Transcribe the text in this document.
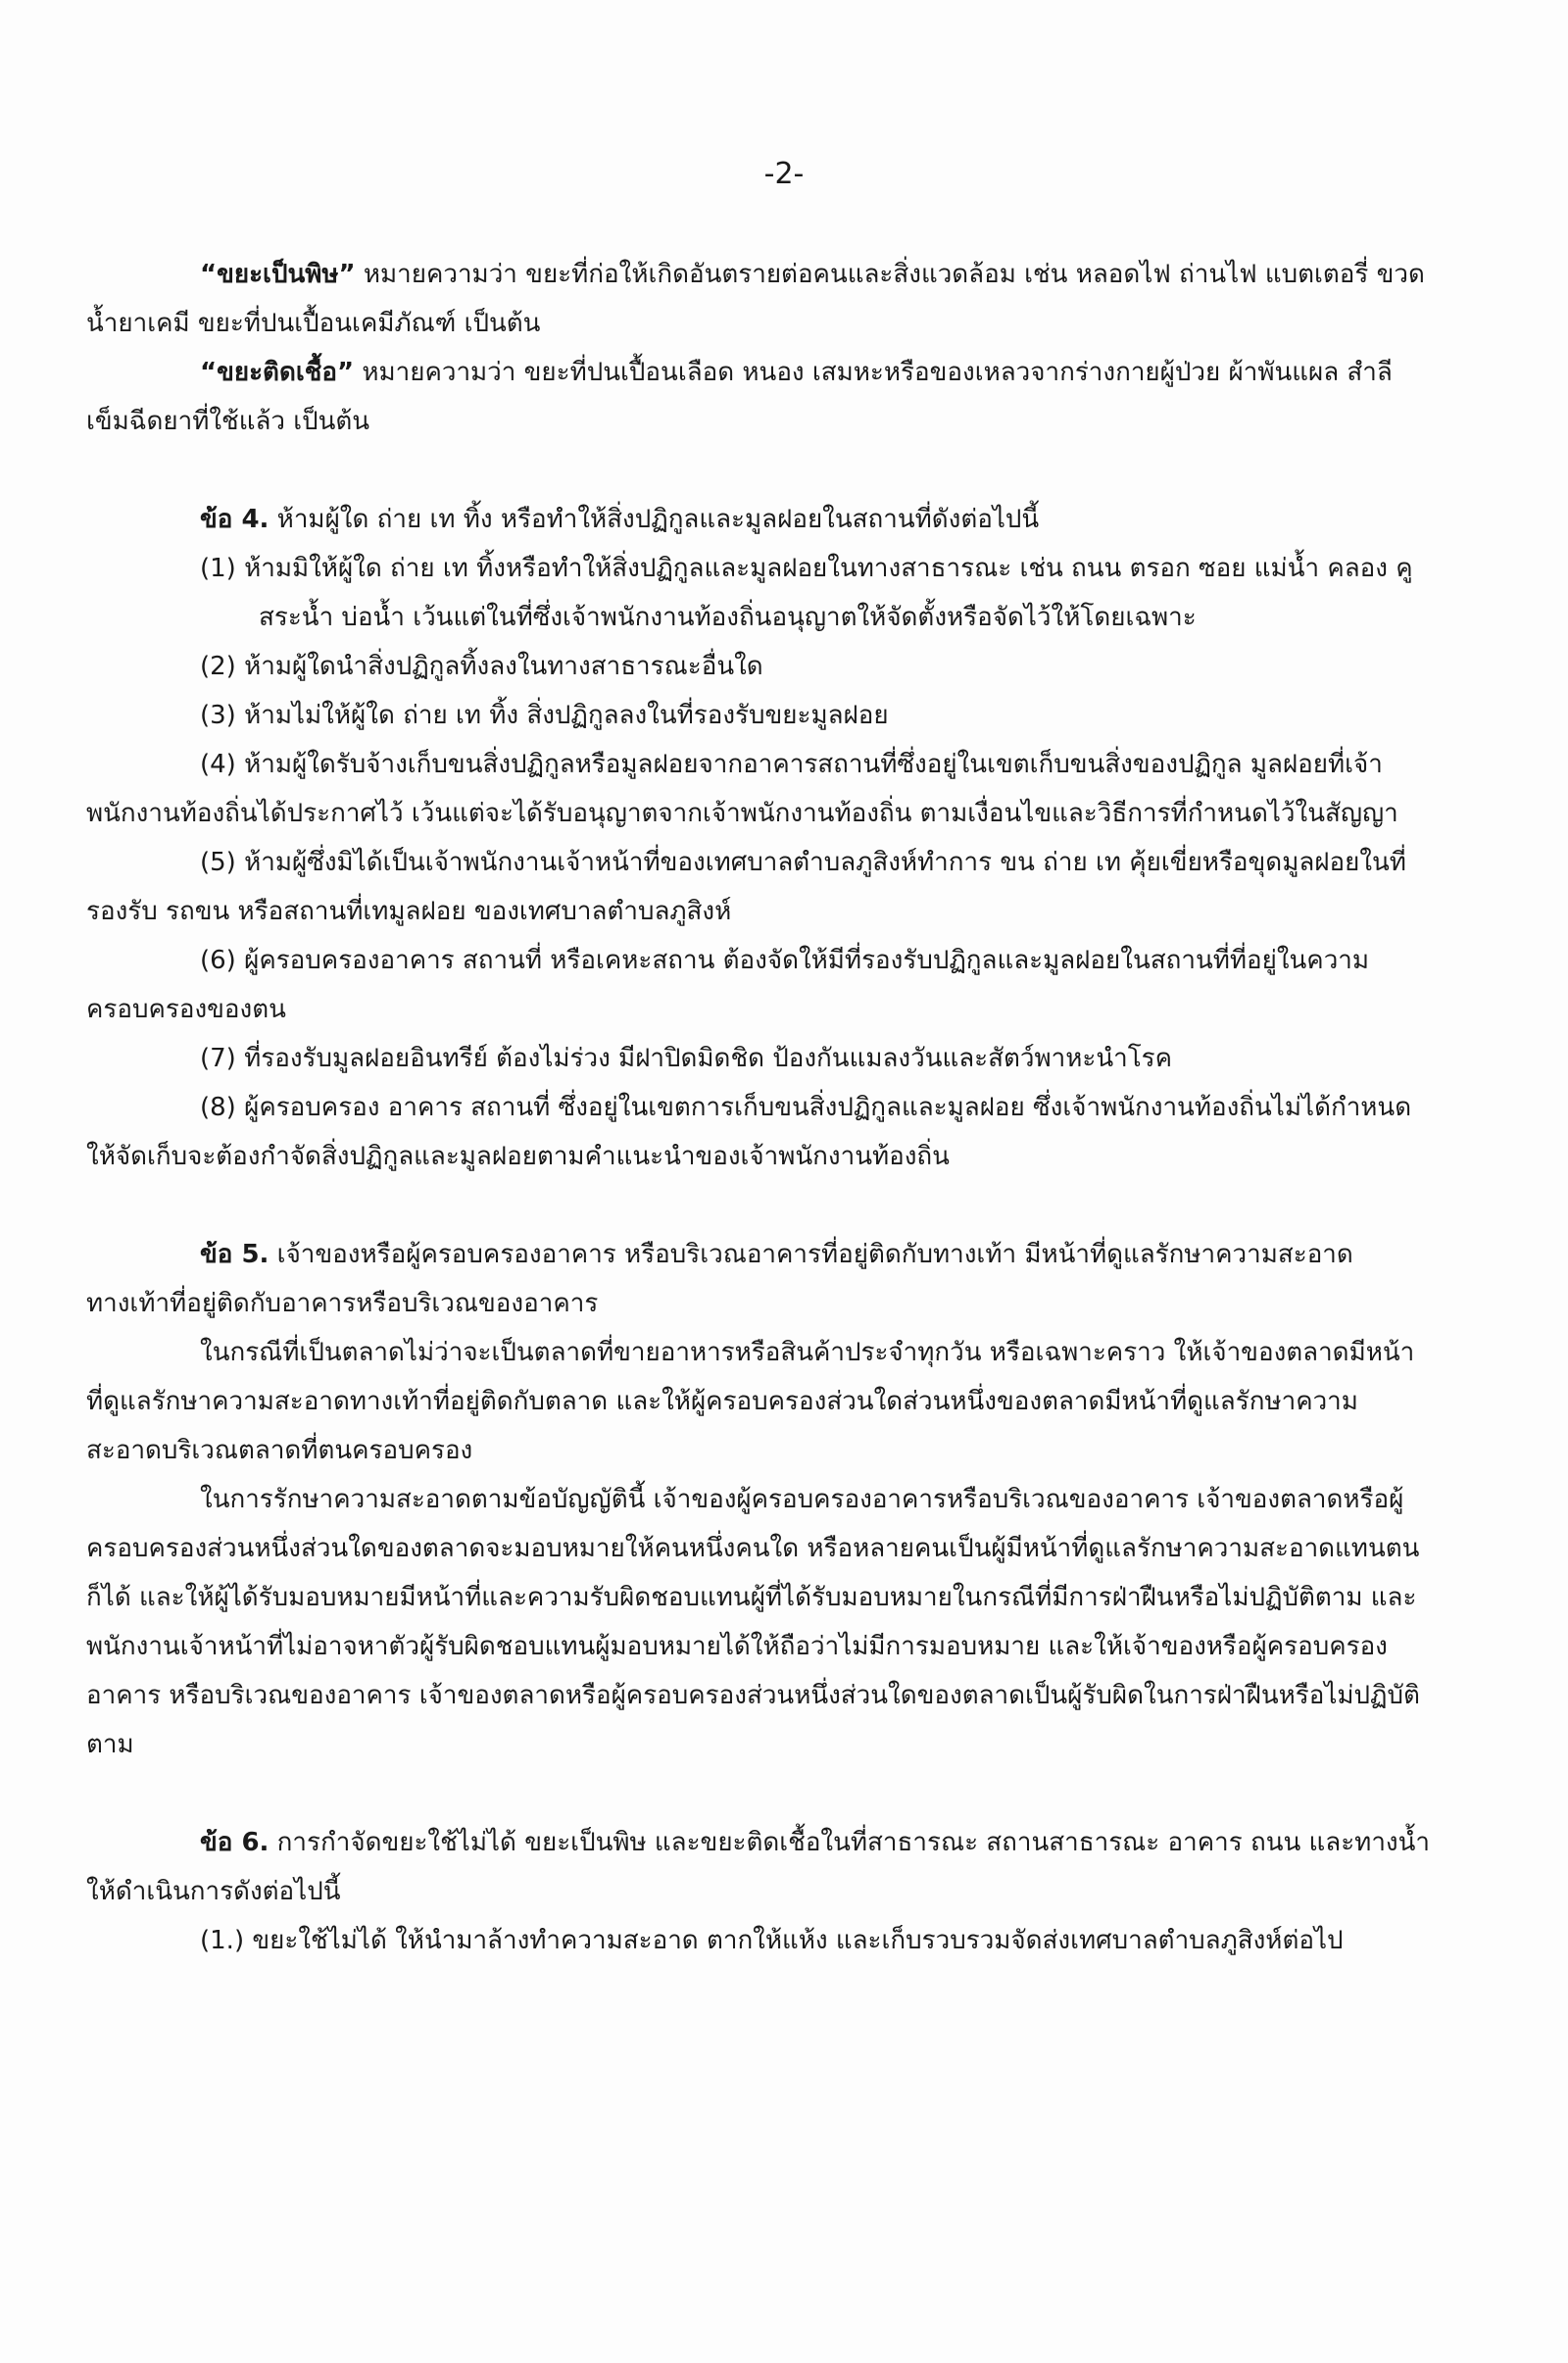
-2-

“ขยะเป็นพิษ” หมายความว่า ขยะที่ก่อให้เกิดอันตรายต่อคนและสิ่งแวดล้อม เช่น หลอดไฟ ถ่านไฟ แบตเตอรี่ ขวดน้ำยาเคมี ขยะที่ปนเปื้อนเคมีภัณฑ์ เป็นต้น

“ขยะติดเชื้อ” หมายความว่า ขยะที่ปนเปื้อนเลือด หนอง เสมหะหรือของเหลวจากร่างกายผู้ป่วย ผ้าพันแผล สำลี เข็มฉีดยาที่ใช้แล้ว เป็นต้น

ข้อ 4. ห้ามผู้ใด ถ่าย เท ทิ้ง หรือทำให้สิ่งปฏิกูลและมูลฝอยในสถานที่ดังต่อไปนี้

(1) ห้ามมิให้ผู้ใด ถ่าย เท ทิ้งหรือทำให้สิ่งปฏิกูลและมูลฝอยในทางสาธารณะ เช่น ถนน ตรอก ซอย แม่น้ำ คลอง คู สระน้ำ บ่อน้ำ เว้นแต่ในที่ซึ่งเจ้าพนักงานท้องถิ่นอนุญาตให้จัดตั้งหรือจัดไว้ให้โดยเฉพาะ

(2) ห้ามผู้ใดนำสิ่งปฏิกูลทิ้งลงในทางสาธารณะอื่นใด

(3) ห้ามไม่ให้ผู้ใด ถ่าย เท ทิ้ง สิ่งปฏิกูลลงในที่รองรับขยะมูลฝอย

(4) ห้ามผู้ใดรับจ้างเก็บขนสิ่งปฏิกูลหรือมูลฝอยจากอาคารสถานที่ซึ่งอยู่ในเขตเก็บขนสิ่งของปฏิกูล มูลฝอยที่เจ้าพนักงานท้องถิ่นได้ประกาศไว้ เว้นแต่จะได้รับอนุญาตจากเจ้าพนักงานท้องถิ่น ตามเงื่อนไขและวิธีการที่กำหนดไว้ในสัญญา

(5) ห้ามผู้ซึ่งมิได้เป็นเจ้าพนักงานเจ้าหน้าที่ของเทศบาลตำบลภูสิงห์ทำการ ขน ถ่าย เท คุ้ยเขี่ยหรือขุดมูลฝอยในที่รองรับ รถขน หรือสถานที่เทมูลฝอย ของเทศบาลตำบลภูสิงห์

(6) ผู้ครอบครองอาคาร สถานที่ หรือเคหะสถาน ต้องจัดให้มีที่รองรับปฏิกูลและมูลฝอยในสถานที่ที่อยู่ในความครอบครองของตน

(7) ที่รองรับมูลฝอยอินทรีย์ ต้องไม่ร่วง มีฝาปิดมิดชิด ป้องกันแมลงวันและสัตว์พาหะนำโรค

(8) ผู้ครอบครอง อาคาร สถานที่ ซึ่งอยู่ในเขตการเก็บขนสิ่งปฏิกูลและมูลฝอย ซึ่งเจ้าพนักงานท้องถิ่นไม่ได้กำหนดให้จัดเก็บจะต้องกำจัดสิ่งปฏิกูลและมูลฝอยตามคำแนะนำของเจ้าพนักงานท้องถิ่น

ข้อ 5. เจ้าของหรือผู้ครอบครองอาคาร หรือบริเวณอาคารที่อยู่ติดกับทางเท้า มีหน้าที่ดูแลรักษาความสะอาดทางเท้าที่อยู่ติดกับอาคารหรือบริเวณของอาคาร

ในกรณีที่เป็นตลาดไม่ว่าจะเป็นตลาดที่ขายอาหารหรือสินค้าประจำทุกวัน หรือเฉพาะคราว ให้เจ้าของตลาดมีหน้าที่ดูแลรักษาความสะอาดทางเท้าที่อยู่ติดกับตลาด และให้ผู้ครอบครองส่วนใดส่วนหนึ่งของตลาดมีหน้าที่ดูแลรักษาความสะอาดบริเวณตลาดที่ตนครอบครอง

ในการรักษาความสะอาดตามข้อบัญญัตินี้ เจ้าของผู้ครอบครองอาคารหรือบริเวณของอาคาร เจ้าของตลาดหรือผู้ครอบครองส่วนหนึ่งส่วนใดของตลาดจะมอบหมายให้คนหนึ่งคนใด หรือหลายคนเป็นผู้มีหน้าที่ดูแลรักษาความสะอาดแทนตนก็ได้ และให้ผู้ได้รับมอบหมายมีหน้าที่และความรับผิดชอบแทนผู้ที่ได้รับมอบหมายในกรณีที่มีการฝ่าฝืนหรือไม่ปฏิบัติตาม และพนักงานเจ้าหน้าที่ไม่อาจหาตัวผู้รับผิดชอบแทนผู้มอบหมายได้ให้ถือว่าไม่มีการมอบหมาย และให้เจ้าของหรือผู้ครอบครองอาคาร หรือบริเวณของอาคาร เจ้าของตลาดหรือผู้ครอบครองส่วนหนึ่งส่วนใดของตลาดเป็นผู้รับผิดในการฝ่าฝืนหรือไม่ปฏิบัติตาม

ข้อ 6. การกำจัดขยะใช้ไม่ได้ ขยะเป็นพิษ และขยะติดเชื้อในที่สาธารณะ สถานสาธารณะ อาคาร ถนน และทางน้ำ ให้ดำเนินการดังต่อไปนี้

(1.) ขยะใช้ไม่ได้ ให้นำมาล้างทำความสะอาด ตากให้แห้ง และเก็บรวบรวมจัดส่งเทศบาลตำบลภูสิงห์ต่อไป
